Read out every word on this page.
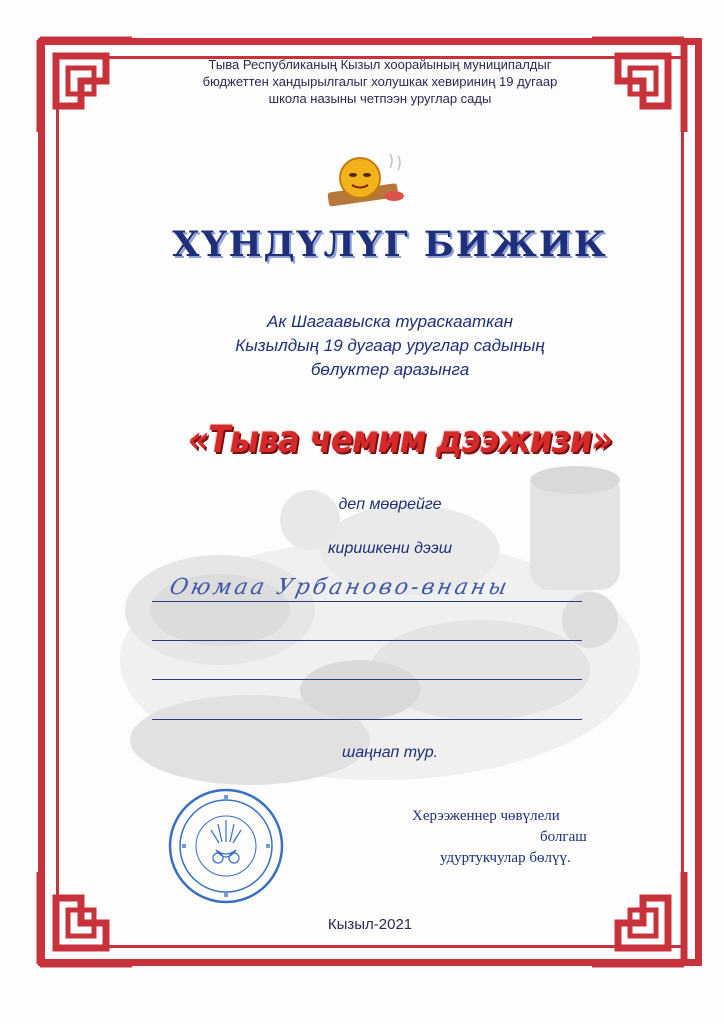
Тыва Республиканың Кызыл хоорайының муниципалдыг
бюджеттен хандырылгалыг холушкак хевириниң 19 дугаар
школа назыны четпээн уруглар сады
ХҮНДҮЛҮГ БИЖИК
Ак Шагаавыска тураскааткан
Кызылдың 19 дугаар уруглар садының
бөлуктер аразынга
«Тыва чемим дээжизи»
деп мөөрейге
киришкени дээш
Оюмаа Урбаново-внаны
шаңнап тур.
Херээженнер чөвүлели
болгаш
удуртукчулар бөлүү.
Кызыл-2021
